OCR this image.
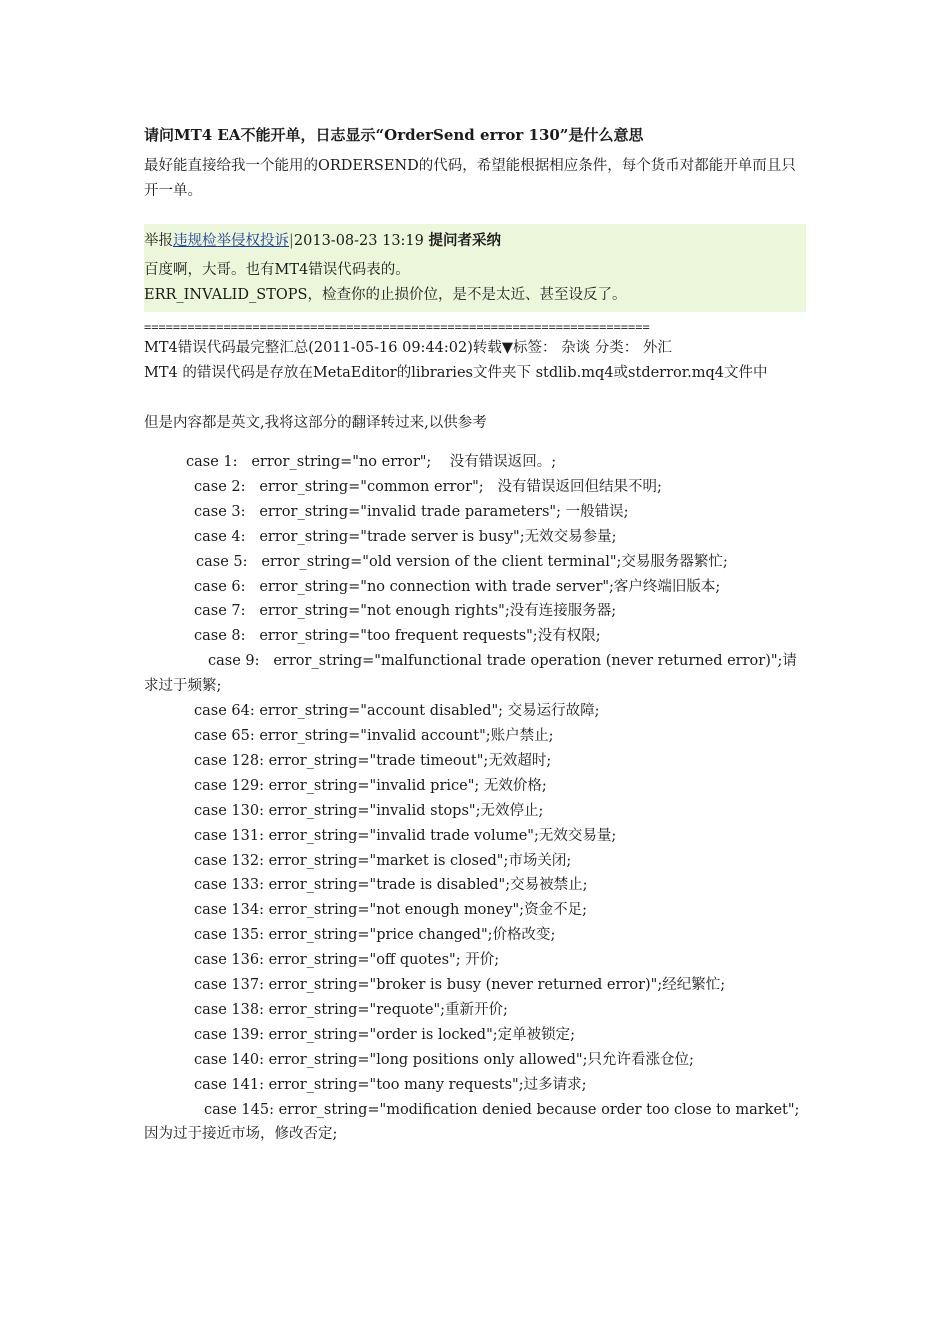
请问MT4 EA不能开单，日志显示“OrderSend error 130”是什么意思
最好能直接给我一个能用的ORDERSEND的代码，希望能根据相应条件，每个货币对都能开单而且只开一单。
举报违规检举侵权投诉|2013-08-23 13:19 提问者采纳
百度啊，大哥。也有MT4错误代码表的。
ERR_INVALID_STOPS，检查你的止损价位，是不是太近、甚至设反了。
======================================================================
MT4错误代码最完整汇总(2011-05-16 09:44:02)转载▼标签： 杂谈 分类： 外汇
MT4 的错误代码是存放在MetaEditor的libraries文件夹下 stdlib.mq4或stderror.mq4文件中
但是内容都是英文,我将这部分的翻译转过来,以供参考
case 1:   error_string="no error";    没有错误返回。;
case 2:   error_string="common error";   没有错误返回但结果不明;
case 3:   error_string="invalid trade parameters"; 一般错误;
case 4:   error_string="trade server is busy";无效交易参量;
case 5:   error_string="old version of the client terminal";交易服务器繁忙;
case 6:   error_string="no connection with trade server";客户终端旧版本;
case 7:   error_string="not enough rights";没有连接服务器;
case 8:   error_string="too frequent requests";没有权限;
case 9:   error_string="malfunctional trade operation (never returned error)";请求过于频繁;
case 64: error_string="account disabled"; 交易运行故障;
case 65: error_string="invalid account";账户禁止;
case 128: error_string="trade timeout";无效超时;
case 129: error_string="invalid price"; 无效价格;
case 130: error_string="invalid stops";无效停止;
case 131: error_string="invalid trade volume";无效交易量;
case 132: error_string="market is closed";市场关闭;
case 133: error_string="trade is disabled";交易被禁止;
case 134: error_string="not enough money";资金不足;
case 135: error_string="price changed";价格改变;
case 136: error_string="off quotes"; 开价;
case 137: error_string="broker is busy (never returned error)";经纪繁忙;
case 138: error_string="requote";重新开价;
case 139: error_string="order is locked";定单被锁定;
case 140: error_string="long positions only allowed";只允许看涨仓位;
case 141: error_string="too many requests";过多请求;
case 145: error_string="modification denied because order too close to market";因为过于接近市场，修改否定;
